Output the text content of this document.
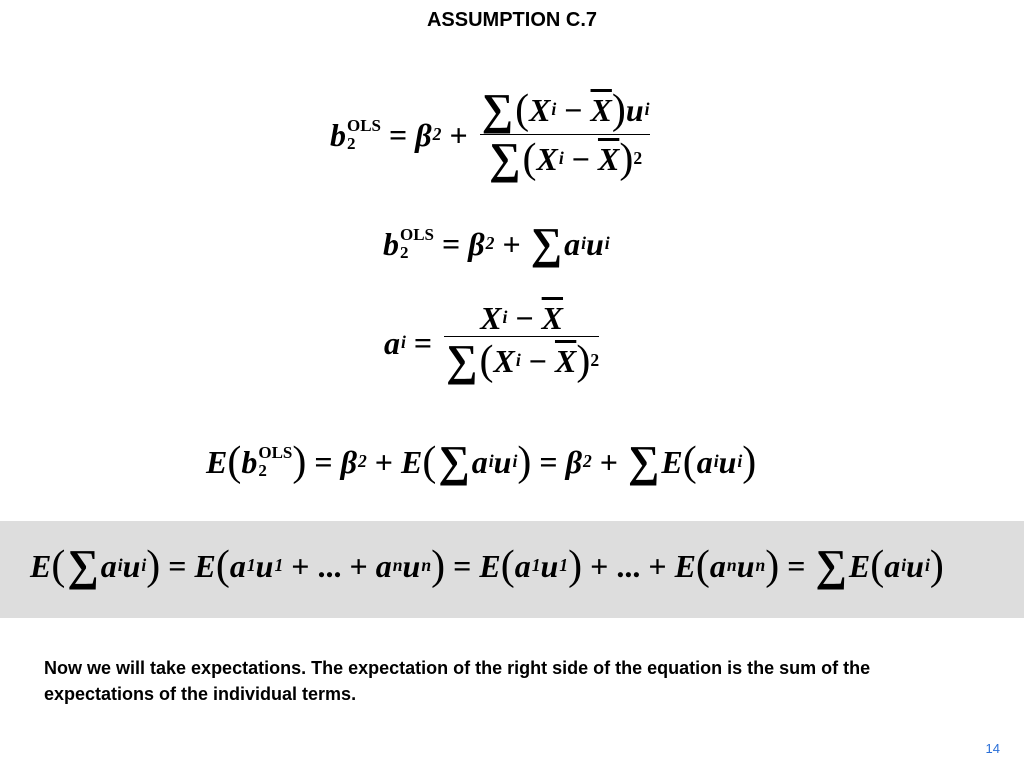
ASSUMPTION C.7
b OLS
2	= β $2 + \frac{\sum ( X i - \overline{X} ) u i}{\sum ( X i - \overline{X} ) 2}$
b OLS
2	= β 2 + ∑ a i u i
a $i = \frac{X i - \overline{X}}{\sum ( X i - \overline{X} ) 2}$
E ( b OLS
2 ) = β 2 + E ( ∑ a i u i ) = β 2 + ∑ E ( a i u i )
E ( ∑ a i u i ) = E ( a 1 u 1 + ... + a n u n ) = E ( a 1 u 1 ) + ... + E ( a n u n ) = ∑ E ( a i u i )
Now we will take expectations. The expectation of the right side of the equation is the sum of the expectations of the individual terms.
14
